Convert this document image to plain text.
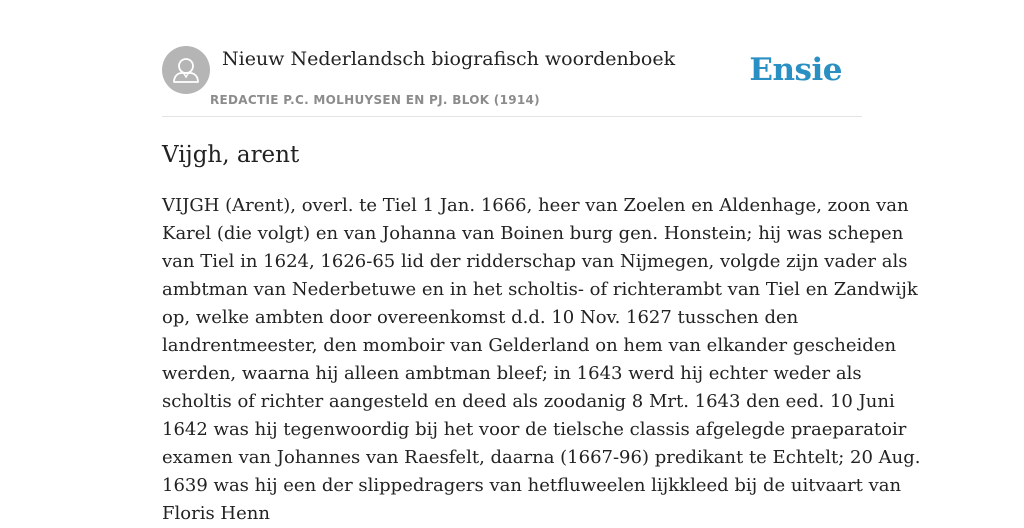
Nieuw Nederlandsch biografisch woordenboek
REDACTIE P.C. MOLHUYSEN EN PJ. BLOK (1914)
Ensie
Vijgh, arent
VIJGH (Arent), overl. te Tiel 1 Jan. 1666, heer van Zoelen en Aldenhage, zoon van
Karel (die volgt) en van Johanna van Boinen burg gen. Honstein; hij was schepen
van Tiel in 1624, 1626-65 lid der ridderschap van Nijmegen, volgde zijn vader als
ambtman van Nederbetuwe en in het scholtis- of richterambt van Tiel en Zandwijk
op, welke ambten door overeenkomst d.d. 10 Nov. 1627 tusschen den
landrentmeester, den momboir van Gelderland on hem van elkander gescheiden
werden, waarna hij alleen ambtman bleef; in 1643 werd hij echter weder als
scholtis of richter aangesteld en deed als zoodanig 8 Mrt. 1643 den eed. 10 Juni
1642 was hij tegenwoordig bij het voor de tielsche classis afgelegde praeparatoir
examen van Johannes van Raesfelt, daarna (1667-96) predikant te Echtelt; 20 Aug.
1639 was hij een der slippedragers van hetfluweelen lijkkleed bij de uitvaart van
Floris Henn
